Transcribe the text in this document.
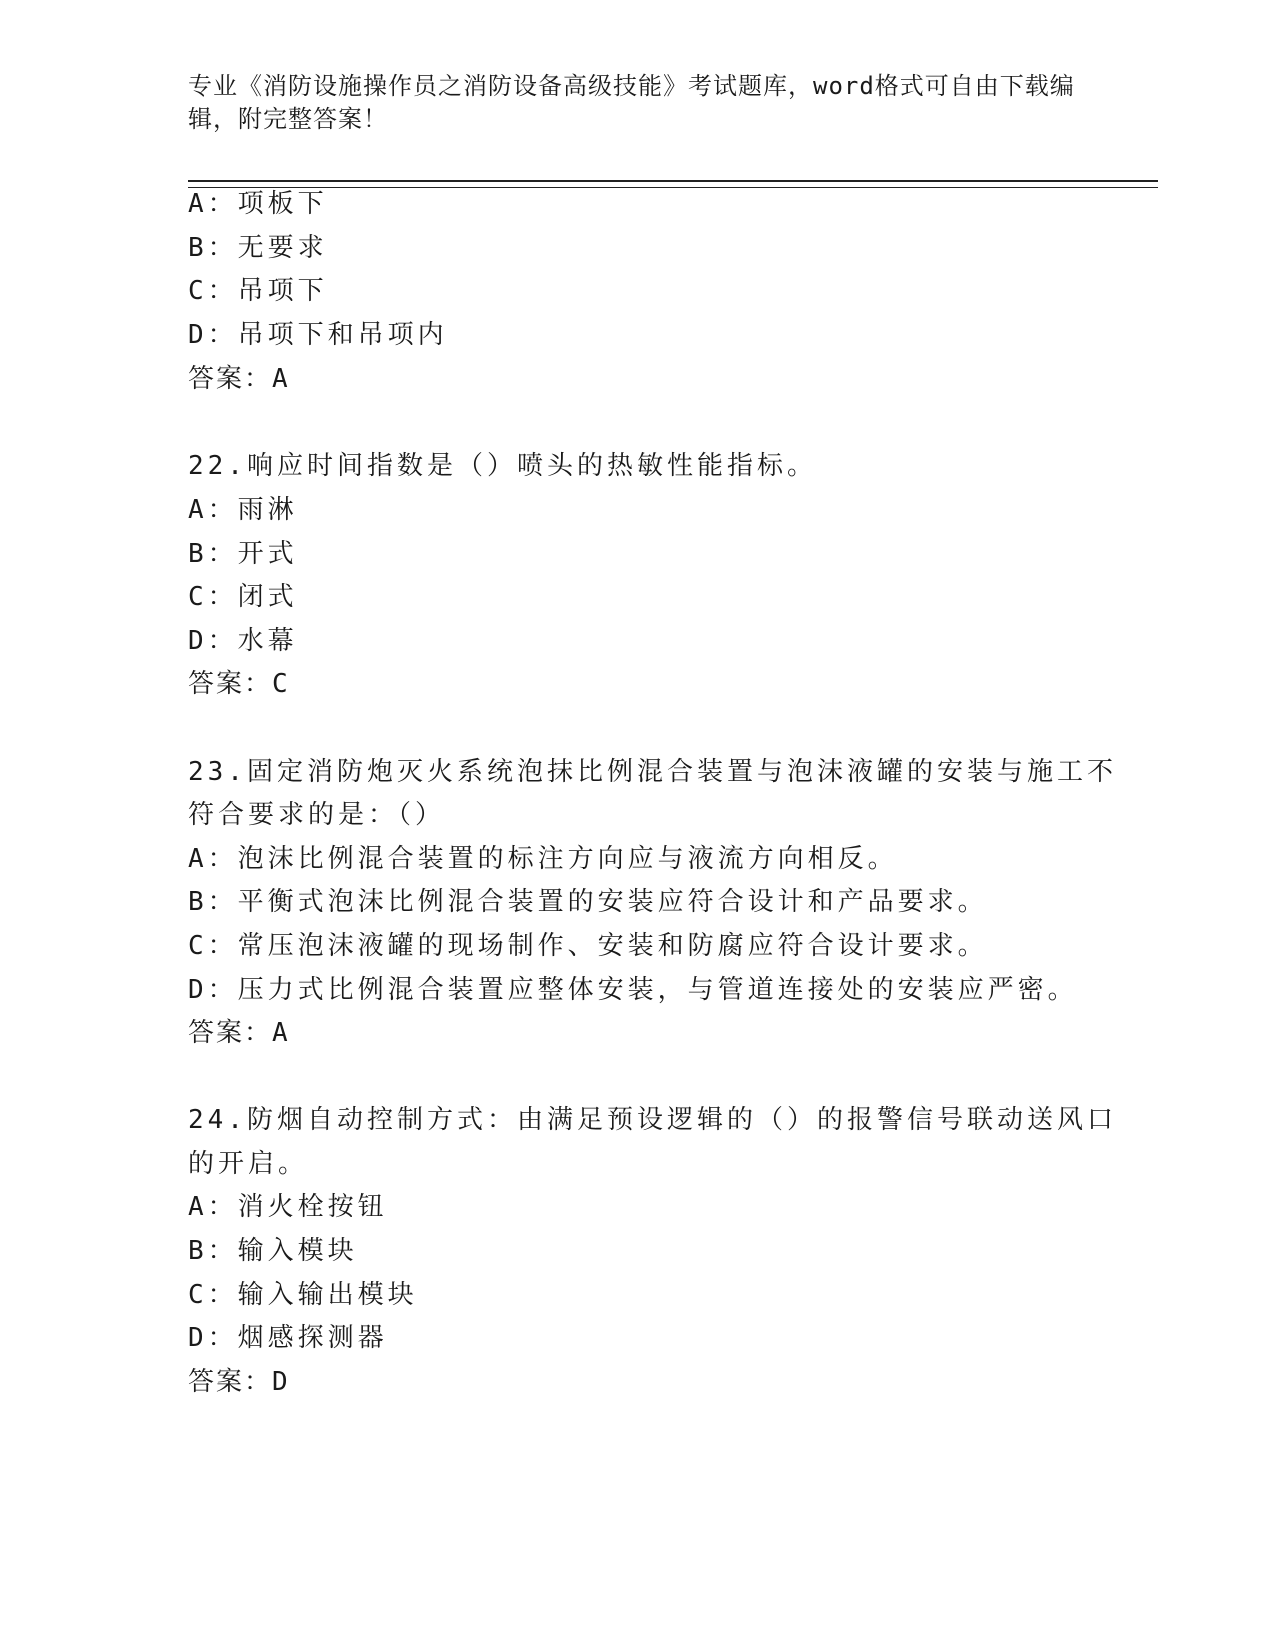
专业《消防设施操作员之消防设备高级技能》考试题库，word格式可自由下载编
辑，附完整答案！
A：项板下
B：无要求
C：吊项下
D：吊项下和吊项内
答案：A
22.响应时间指数是（）喷头的热敏性能指标。
A：雨淋
B：开式
C：闭式
D：水幕
答案：C
23.固定消防炮灭火系统泡抹比例混合装置与泡沫液罐的安装与施工不
符合要求的是：（）
A：泡沫比例混合装置的标注方向应与液流方向相反。
B：平衡式泡沫比例混合装置的安装应符合设计和产品要求。
C：常压泡沫液罐的现场制作、安装和防腐应符合设计要求。
D：压力式比例混合装置应整体安装，与管道连接处的安装应严密。
答案：A
24.防烟自动控制方式：由满足预设逻辑的（）的报警信号联动送风口
的开启。
A：消火栓按钮
B：输入模块
C：输入输出模块
D：烟感探测器
答案：D
